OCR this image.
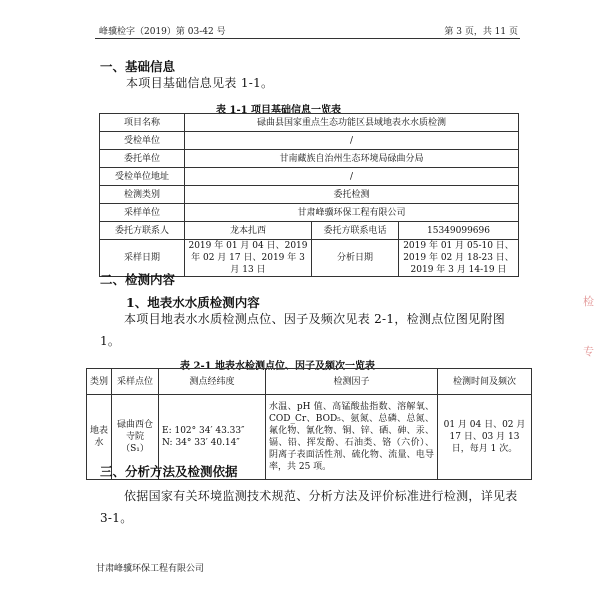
峰骥检字（2019）第 03-42 号	第 3 页，共 11 页
一、基础信息
本项目基础信息见表 1-1。
表 1-1 项目基础信息一览表
项目名称	碌曲县国家重点生态功能区县域地表水水质检测		
受检单位	/		
委托单位	甘南藏族自治州生态环境局碌曲分局		
受检单位地址	/		
检测类别	委托检测		
采样单位	甘肃峰骥环保工程有限公司		
委托方联系人	龙本扎西	委托方联系电话	15349099696
采样日期	2019 年 01 月 04 日、2019 年 02 月 17 日、2019 年 3 月 13 日	分析日期	2019 年 01 月 05-10 日、2019 年 02 月 18-23 日、2019 年 3 月 14-19 日
二、检测内容
1、地表水水质检测内容
本项目地表水水质检测点位、因子及频次见表 2-1，检测点位图见附图 1。
表 2-1 地表水检测点位、因子及频次一览表
类别	采样点位	测点经纬度	检测因子	检测时间及频次
地表水	碌曲西仓寺院（S₁）	E: 102° 34′ 43.33″
N: 34° 33′ 40.14″	水温、pH 值、高锰酸盐指数、溶解氧、COD_Cr、BOD₅、氨氮、总磷、总氮、氟化物、氰化物、铜、锌、硒、砷、汞、镉、铅、挥发酚、石油类、铬（六价）、阴离子表面活性剂、硫化物、流量、电导率，共 25 项。	01 月 04 日、02 月 17 日、03 月 13 日，每月 1 次。
三、分析方法及检测依据
依据国家有关环境监测技术规范、分析方法及评价标准进行检测，详见表 3-1。
甘肃峰骥环保工程有限公司
检
专
